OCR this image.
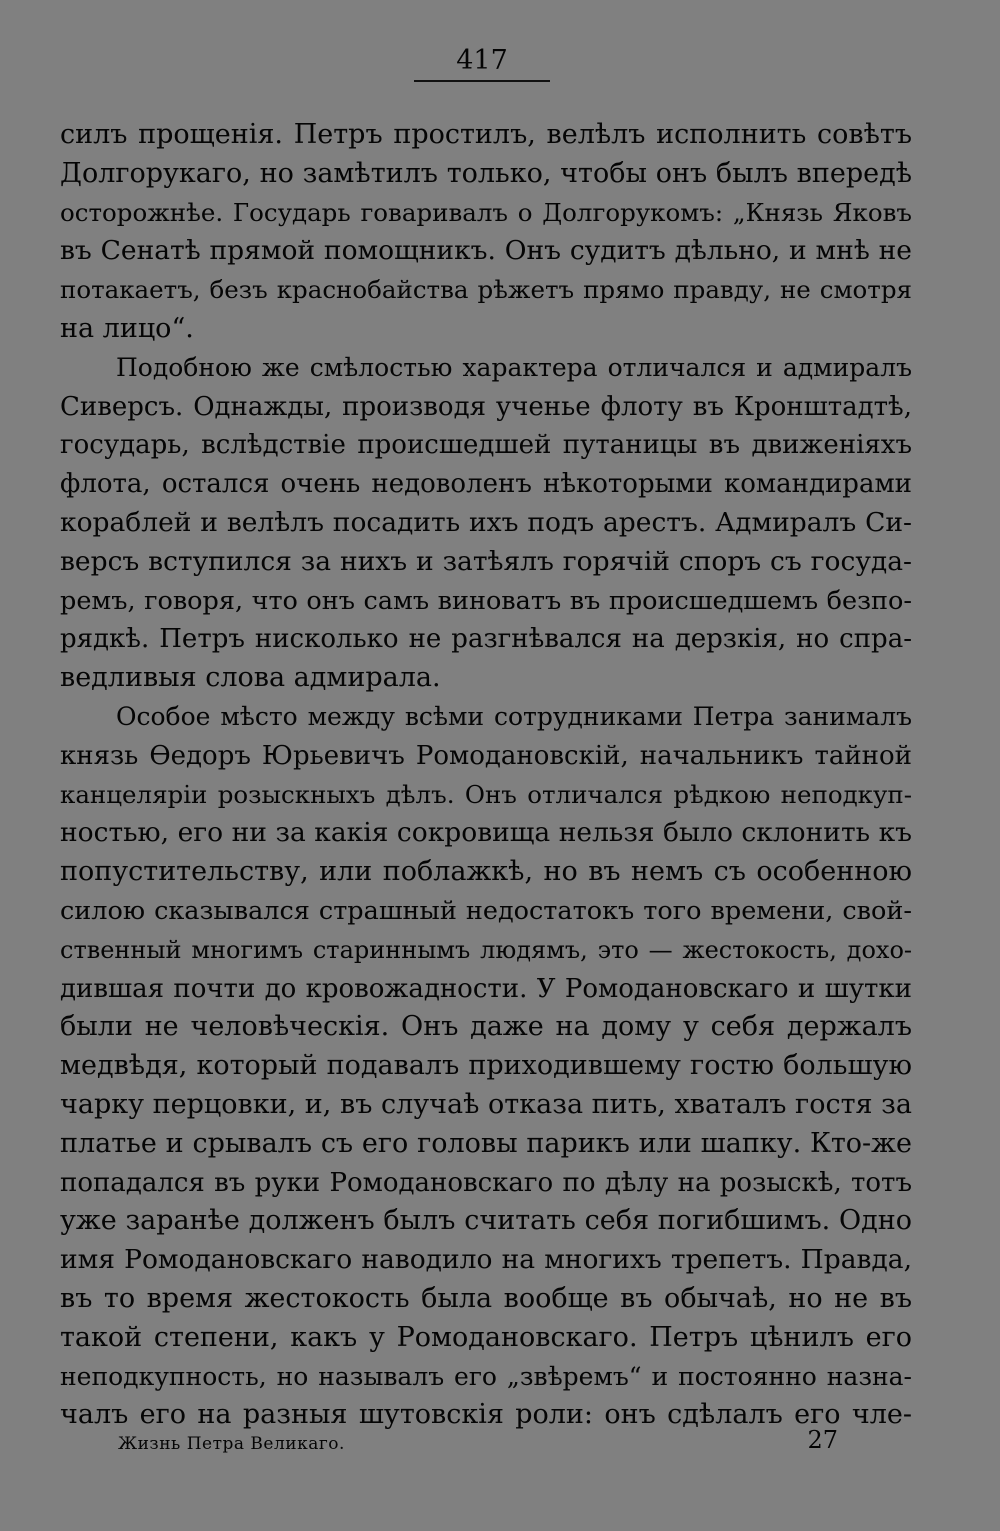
417
силъ прощенія. Петръ простилъ, велѣлъ исполнить совѣтъ
Долгорукаго, но замѣтилъ только, чтобы онъ былъ впередѣ
осторожнѣе. Государь говаривалъ о Долгорукомъ: „Князь Яковъ
въ Сенатѣ прямой помощникъ. Онъ судитъ дѣльно, и мнѣ не
потакаетъ, безъ краснобайства рѣжетъ прямо правду, не смотря
на лицо“.
Подобною же смѣлостью характера отличался и адмиралъ
Сиверсъ. Однажды, производя ученье флоту въ Кронштадтѣ,
государь, вслѣдствіе происшедшей путаницы въ движеніяхъ
флота, остался очень недоволенъ нѣкоторыми командирами
кораблей и велѣлъ посадить ихъ подъ арестъ. Адмиралъ Си-
версъ вступился за нихъ и затѣялъ горячій споръ съ госуда-
ремъ, говоря, что онъ самъ виноватъ въ происшедшемъ безпо-
рядкѣ. Петръ нисколько не разгнѣвался на дерзкія, но спра-
ведливыя слова адмирала.
Особое мѣсто между всѣми сотрудниками Петра занималъ
князь Ѳедоръ Юрьевичъ Ромодановскій, начальникъ тайной
канцеляріи розыскныхъ дѣлъ. Онъ отличался рѣдкою неподкуп-
ностью, его ни за какія сокровища нельзя было склонить къ
попустительству, или поблажкѣ, но въ немъ съ особенною
силою сказывался страшный недостатокъ того времени, свой-
ственный многимъ стариннымъ людямъ, это — жестокость, дохо-
дившая почти до кровожадности. У Ромодановскаго и шутки
были не человѣческія. Онъ даже на дому у себя держалъ
медвѣдя, который подавалъ приходившему гостю большую
чарку перцовки, и, въ случаѣ отказа пить, хваталъ гостя за
платье и срывалъ съ его головы парикъ или шапку. Кто-же
попадался въ руки Ромодановскаго по дѣлу на розыскѣ, тотъ
уже заранѣе долженъ былъ считать себя погибшимъ. Одно
имя Ромодановскаго наводило на многихъ трепетъ. Правда,
въ то время жестокость была вообще въ обычаѣ, но не въ
такой степени, какъ у Ромодановскаго. Петръ цѣнилъ его
неподкупность, но называлъ его „звѣремъ“ и постоянно назна-
чалъ его на разныя шутовскія роли: онъ сдѣлалъ его чле-
Жизнь Петра Великаго.	27
